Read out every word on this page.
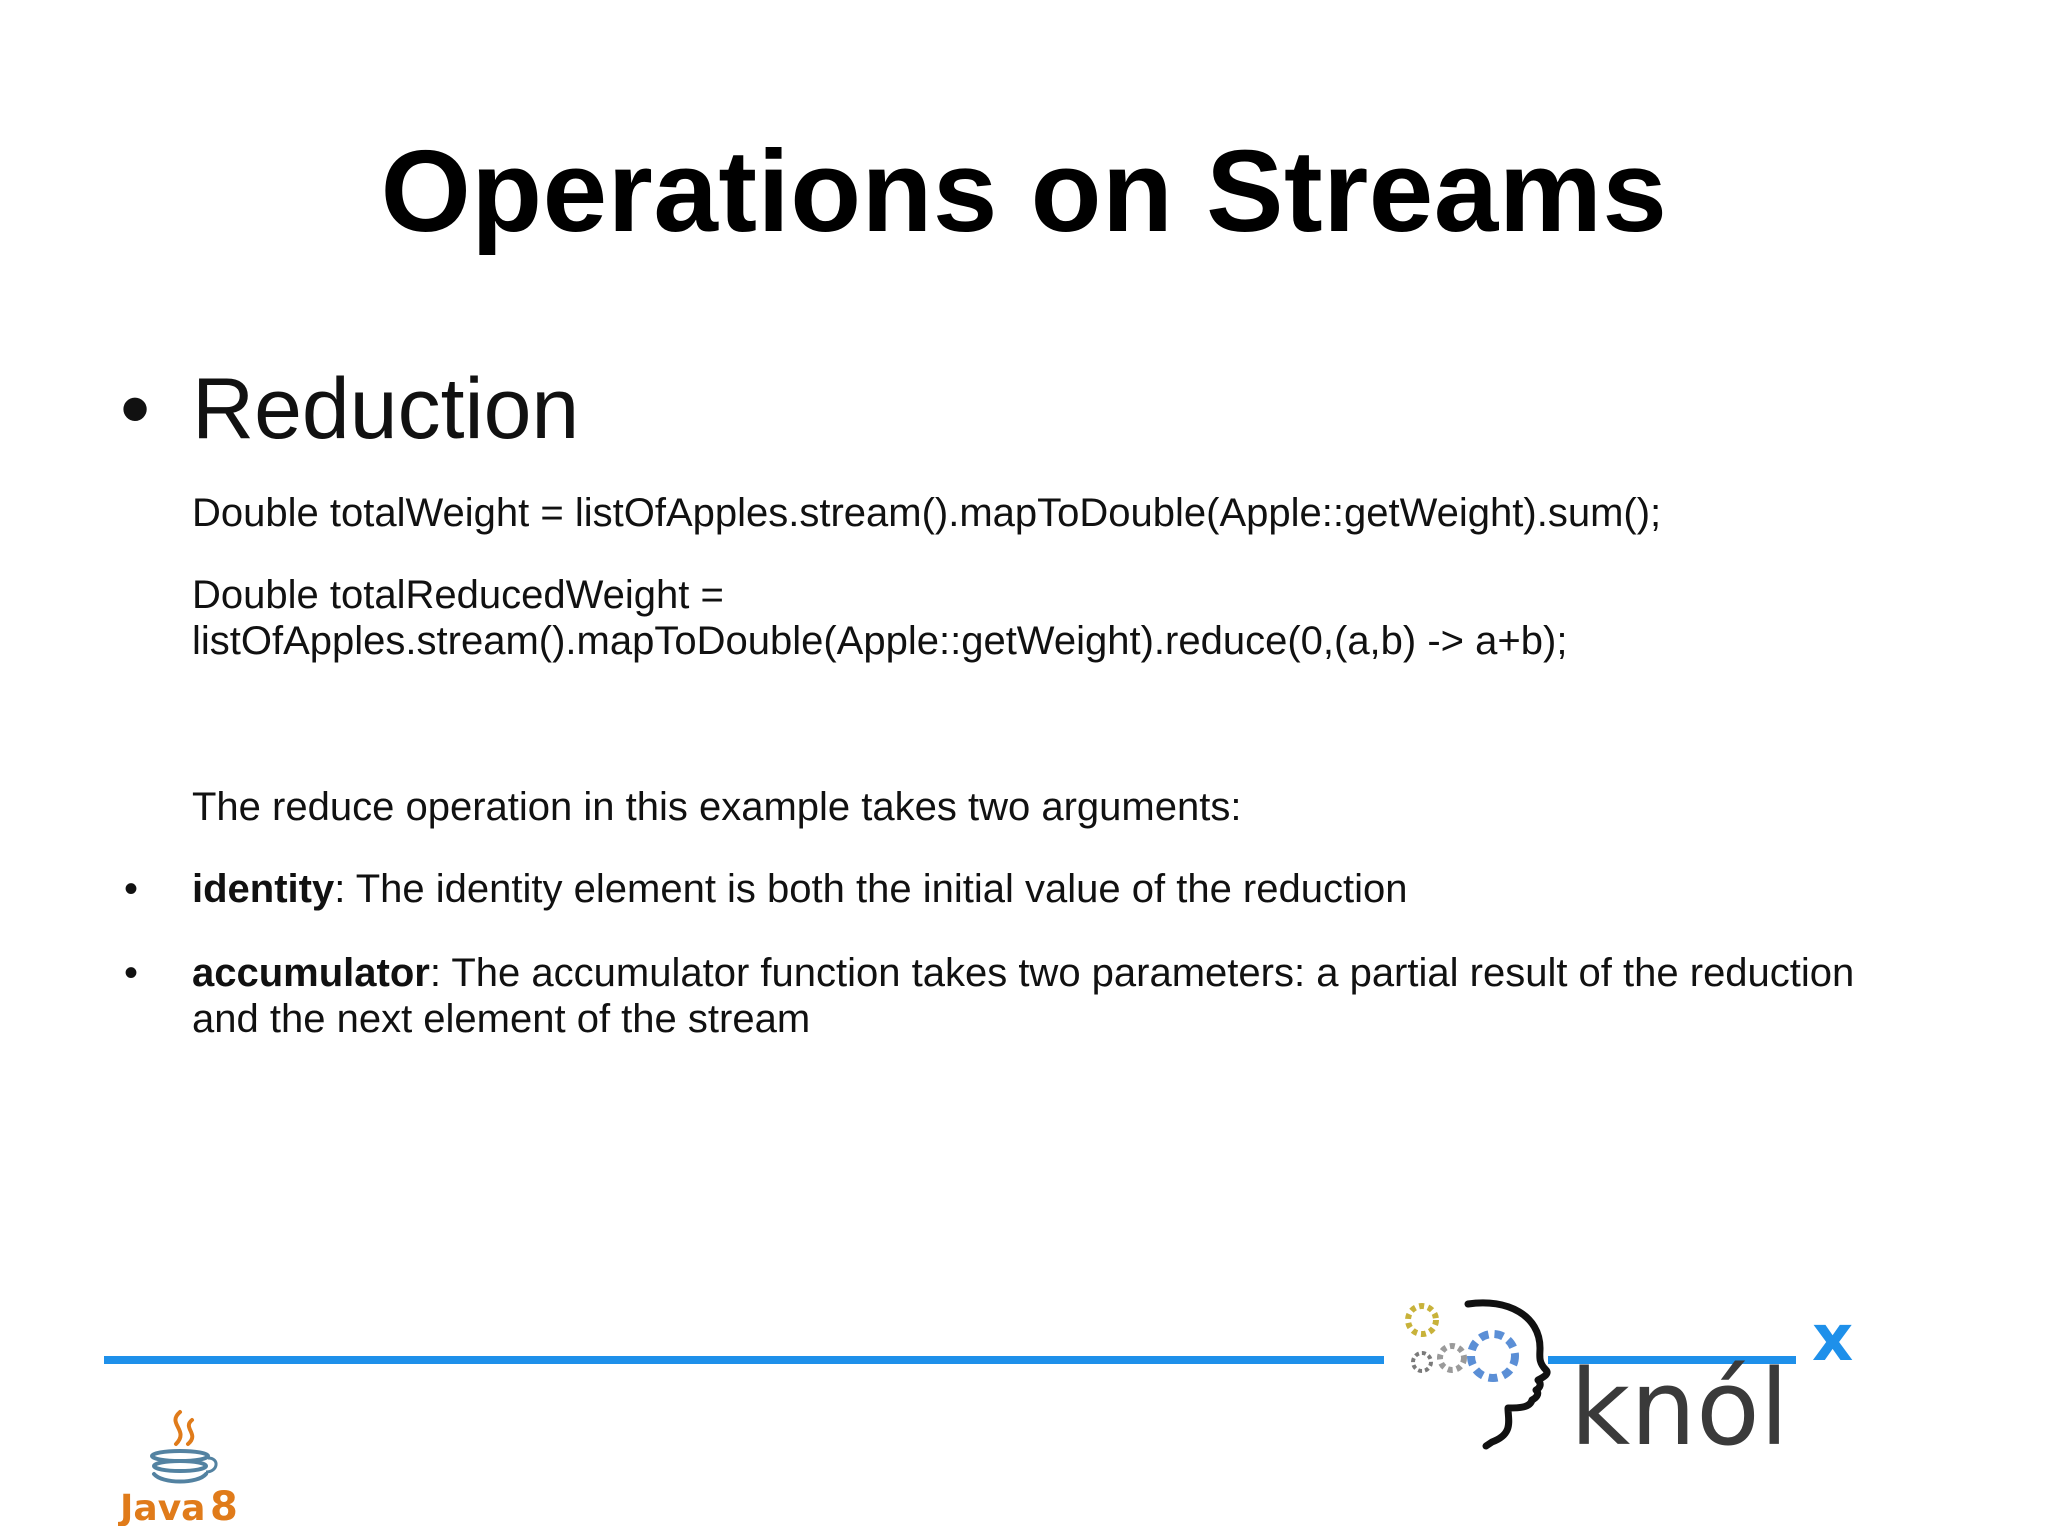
Operations on Streams
• Reduction
Double totalWeight = listOfApples.stream().mapToDouble(Apple::getWeight).sum();
Double totalReducedWeight =
listOfApples.stream().mapToDouble(Apple::getWeight).reduce(0,(a,b) -> a+b);
The reduce operation in this example takes two arguments:
• identity: The identity element is both the initial value of the reduction
• accumulator: The accumulator function takes two parameters: a partial result of the reduction and the next element of the stream
knól
x
Java 8
